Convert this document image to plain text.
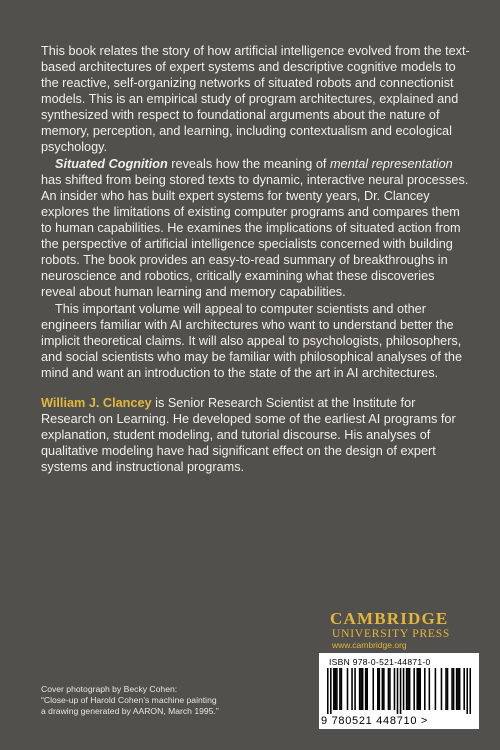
This book relates the story of how artificial intelligence evolved from the text-based architectures of expert systems and descriptive cognitive models to the reactive, self-organizing networks of situated robots and connectionist models. This is an empirical study of program architectures, explained and synthesized with respect to foundational arguments about the nature of memory, perception, and learning, including contextualism and ecological psychology.

Situated Cognition reveals how the meaning of mental representation has shifted from being stored texts to dynamic, interactive neural processes. An insider who has built expert systems for twenty years, Dr. Clancey explores the limitations of existing computer programs and compares them to human capabilities. He examines the implications of situated action from the perspective of artificial intelligence specialists concerned with building robots. The book provides an easy-to-read summary of breakthroughs in neuroscience and robotics, critically examining what these discoveries reveal about human learning and memory capabilities.

This important volume will appeal to computer scientists and other engineers familiar with AI architectures who want to understand better the implicit theoretical claims. It will also appeal to psychologists, philosophers, and social scientists who may be familiar with philosophical analyses of the mind and want an introduction to the state of the art in AI architectures.

William J. Clancey is Senior Research Scientist at the Institute for Research on Learning. He developed some of the earliest AI programs for explanation, student modeling, and tutorial discourse. His analyses of qualitative modeling have had significant effect on the design of expert systems and instructional programs.

CAMBRIDGE
UNIVERSITY PRESS
www.cambridge.org
Cover photograph by Becky Cohen:
“Close-up of Harold Cohen’s machine painting
a drawing generated by AARON, March 1995.”
ISBN 978-0-521-44871-0
9 780521 448710 >
